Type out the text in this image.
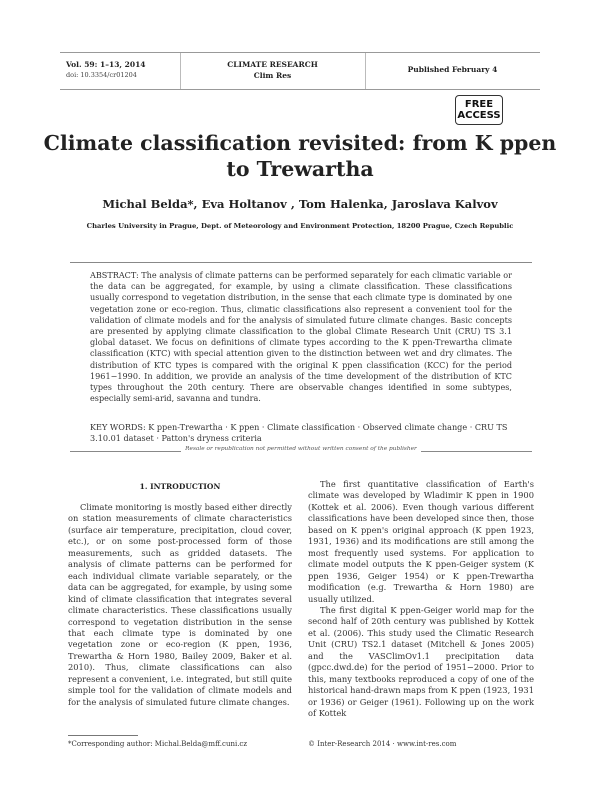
Vol. 59: 1–13, 2014
doi: 10.3354/cr01204
CLIMATE RESEARCH
Clim Res
Published February 4
FREE
ACCESS
Climate classification revisited: from K ppen to Trewartha
Michal Belda*, Eva Holtanov , Tom Halenka, Jaroslava Kalvov
Charles University in Prague, Dept. of Meteorology and Environment Protection, 18200 Prague, Czech Republic
ABSTRACT: The analysis of climate patterns can be performed separately for each climatic variable or the data can be aggregated, for example, by using a climate classification. These classifications usually correspond to vegetation distribution, in the sense that each climate type is dominated by one vegetation zone or eco-region. Thus, climatic classifications also represent a convenient tool for the validation of climate models and for the analysis of simulated future climate changes. Basic concepts are presented by applying climate classification to the global Climate Research Unit (CRU) TS 3.1 global dataset. We focus on definitions of climate types according to the K ppen-Trewartha climate classification (KTC) with special attention given to the distinction between wet and dry climates. The distribution of KTC types is compared with the original K ppen classification (KCC) for the period 1961−1990. In addition, we provide an analysis of the time development of the distribution of KTC types throughout the 20th century. There are observable changes identified in some subtypes, especially semi-arid, savanna and tundra.
KEY WORDS: K ppen-Trewartha · K ppen · Climate classification · Observed climate change · CRU TS 3.10.01 dataset · Patton's dryness criteria
Resale or republication not permitted without written consent of the publisher
1. INTRODUCTION

Climate monitoring is mostly based either directly on station measurements of climate characteristics (surface air temperature, precipitation, cloud cover, etc.), or on some post-processed form of those measurements, such as gridded datasets. The analysis of climate patterns can be performed for each individual climate variable separately, or the data can be aggregated, for example, by using some kind of climate classification that integrates several climate characteristics. These classifications usually correspond to vegetation distribution in the sense that each climate type is dominated by one vegetation zone or eco-region (K ppen, 1936, Trewartha & Horn 1980, Bailey 2009, Baker et al. 2010). Thus, climate classifications can also represent a convenient, i.e. integrated, but still quite simple tool for the validation of climate models and for the analysis of simulated future climate changes.

The first quantitative classification of Earth's climate was developed by Wladimir K ppen in 1900 (Kottek et al. 2006). Even though various different classifications have been developed since then, those based on K ppen's original approach (K ppen 1923, 1931, 1936) and its modifications are still among the most frequently used systems. For application to climate model outputs the K ppen-Geiger system (K ppen 1936, Geiger 1954) or K ppen-Trewartha modification (e.g. Trewartha & Horn 1980) are usually utilized.

The first digital K ppen-Geiger world map for the second half of 20th century was published by Kottek et al. (2006). This study used the Climatic Research Unit (CRU) TS2.1 dataset (Mitchell & Jones 2005) and the VASClimOv1.1 precipitation data (gpcc.dwd.de) for the period of 1951−2000. Prior to this, many textbooks reproduced a copy of one of the historical hand-drawn maps from K ppen (1923, 1931 or 1936) or Geiger (1961). Following up on the work of Kottek

*Corresponding author: Michal.Belda@mff.cuni.cz	© Inter-Research 2014 · www.int-res.com
